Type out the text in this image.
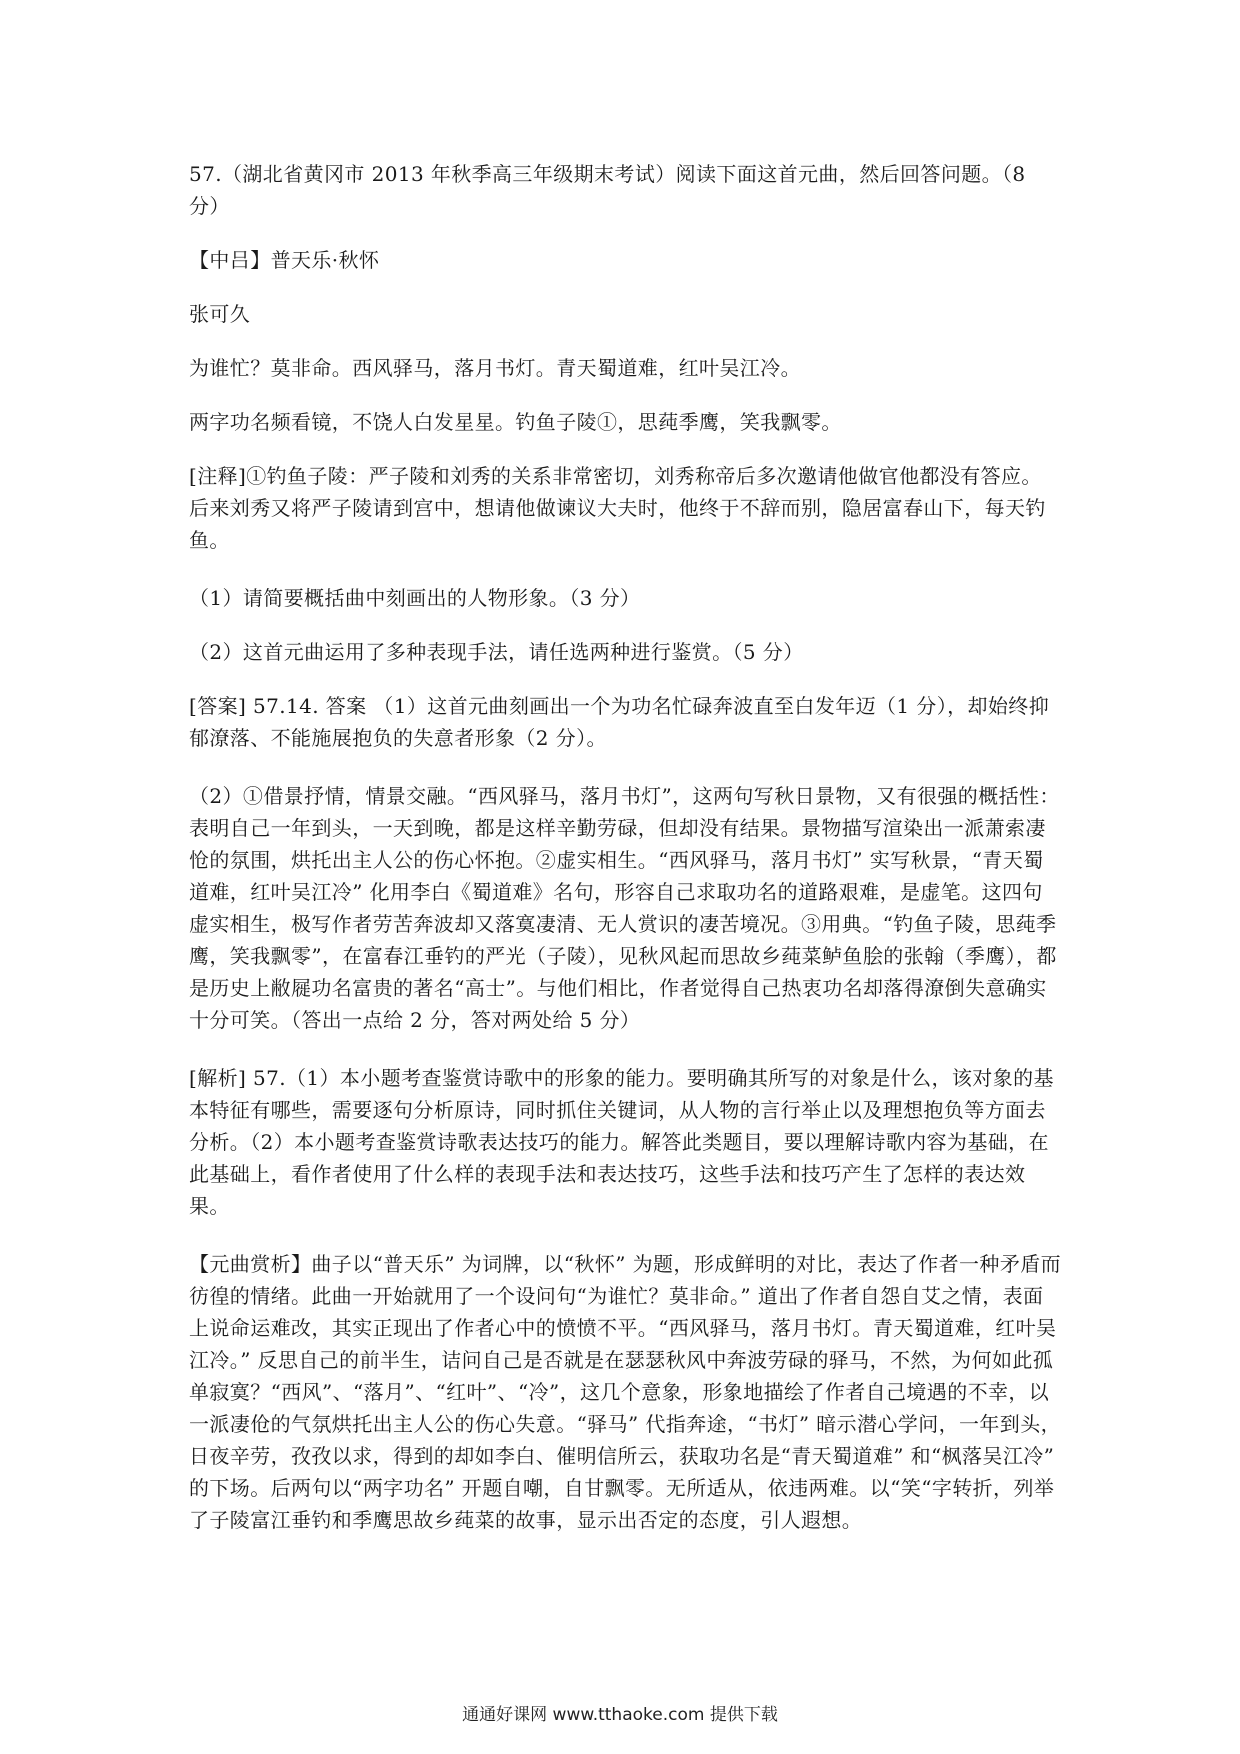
57.（湖北省黄冈市 2013 年秋季高三年级期末考试）阅读下面这首元曲，然后回答问题。（8 分）

【中吕】普天乐·秋怀

张可久

为谁忙？莫非命。西风驿马，落月书灯。青天蜀道难，红叶吴江冷。

两字功名频看镜，不饶人白发星星。钓鱼子陵①，思莼季鹰，笑我飘零。

[注释]①钓鱼子陵：严子陵和刘秀的关系非常密切，刘秀称帝后多次邀请他做官他都没有答应。后来刘秀又将严子陵请到宫中，想请他做谏议大夫时，他终于不辞而别，隐居富春山下，每天钓鱼。

（1）请简要概括曲中刻画出的人物形象。（3 分）

（2）这首元曲运用了多种表现手法，请任选两种进行鉴赏。（5 分）

[答案] 57.14. 答案 （1）这首元曲刻画出一个为功名忙碌奔波直至白发年迈（1 分），却始终抑郁潦落、不能施展抱负的失意者形象（2 分）。

（2）①借景抒情，情景交融。“西风驿马，落月书灯”，这两句写秋日景物，又有很强的概括性：表明自己一年到头，一天到晚，都是这样辛勤劳碌，但却没有结果。景物描写渲染出一派萧索凄怆的氛围，烘托出主人公的伤心怀抱。②虚实相生。“西风驿马，落月书灯” 实写秋景，“青天蜀道难，红叶吴江冷” 化用李白《蜀道难》名句，形容自己求取功名的道路艰难，是虚笔。这四句虚实相生，极写作者劳苦奔波却又落寞凄清、无人赏识的凄苦境况。③用典。“钓鱼子陵，思莼季鹰，笑我飘零”，在富春江垂钓的严光（子陵），见秋风起而思故乡莼菜鲈鱼脍的张翰（季鹰），都是历史上敝屣功名富贵的著名“高士”。与他们相比，作者觉得自己热衷功名却落得潦倒失意确实十分可笑。（答出一点给 2 分，答对两处给 5 分）

[解析] 57.（1）本小题考查鉴赏诗歌中的形象的能力。要明确其所写的对象是什么，该对象的基本特征有哪些，需要逐句分析原诗，同时抓住关键词，从人物的言行举止以及理想抱负等方面去分析。（2）本小题考查鉴赏诗歌表达技巧的能力。解答此类题目，要以理解诗歌内容为基础，在此基础上，看作者使用了什么样的表现手法和表达技巧，这些手法和技巧产生了怎样的表达效果。

【元曲赏析】曲子以“普天乐” 为词牌，以“秋怀” 为题，形成鲜明的对比，表达了作者一种矛盾而彷徨的情绪。此曲一开始就用了一个设问句“为谁忙？莫非命。” 道出了作者自怨自艾之情，表面上说命运难改，其实正现出了作者心中的愤愤不平。“西风驿马，落月书灯。青天蜀道难，红叶吴江冷。” 反思自己的前半生，诘问自己是否就是在瑟瑟秋风中奔波劳碌的驿马，不然，为何如此孤单寂寞？“西风”、“落月”、“红叶”、“冷”，这几个意象，形象地描绘了作者自己境遇的不幸，以一派凄伧的气氛烘托出主人公的伤心失意。“驿马” 代指奔途，“书灯” 暗示潜心学问，一年到头，日夜辛劳，孜孜以求，得到的却如李白、催明信所云，获取功名是“青天蜀道难” 和“枫落吴江冷” 的下场。后两句以“两字功名” 开题自嘲，自甘飘零。无所适从，依违两难。以“笑“字转折，列举了子陵富江垂钓和季鹰思故乡莼菜的故事，显示出否定的态度，引人遐想。

通通好课网 www.tthaoke.com 提供下载
